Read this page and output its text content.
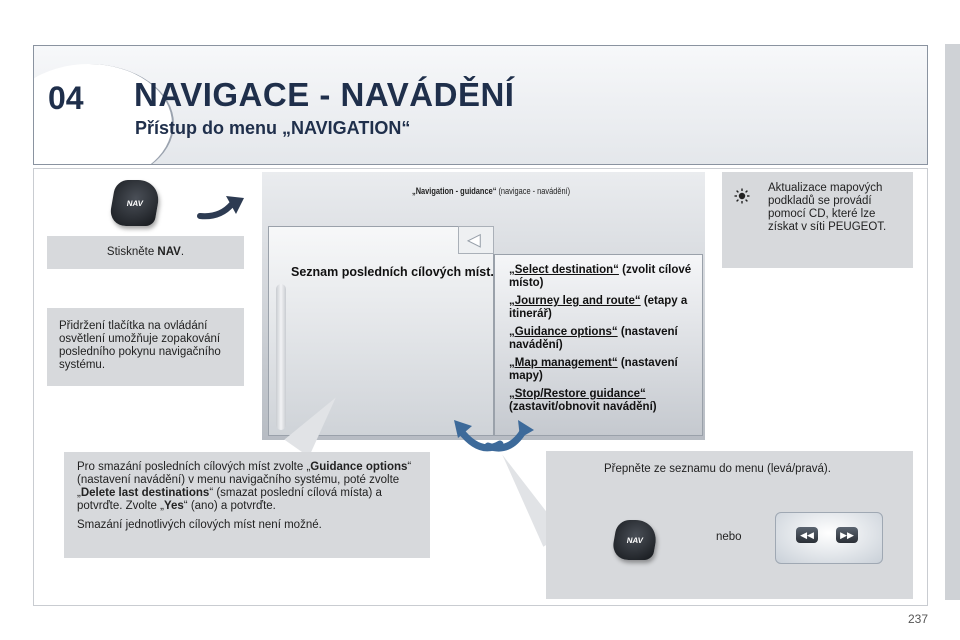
04 NAVIGACE - NAVÁDĚNÍ
Přístup do menu „NAVIGATION“
NAV
Stiskněte NAV.
Přidržení tlačítka na ovládání osvětlení umožňuje zopakování posledního pokynu navigačního systému.
Aktualizace mapových podkladů se provádí pomocí CD, které lze získat v síti PEUGEOT.
„Navigation - guidance“ (navigace - navádění)
◀
Seznam posledních cílových míst. „Select destination“ (zvolit cílové místo)
„Journey leg and route“ (etapy a itinerář)
„Guidance options“ (nastavení navádění)
„Map management“ (nastavení mapy)
„Stop/Restore guidance“ (zastavit/obnovit navádění)
Pro smazání posledních cílových míst zvolte „Guidance options“ (nastavení navádění) v menu navigačního systému, poté zvolte „Delete last destinations“ (smazat poslední cílová místa) a potvrďte. Zvolte „Yes“ (ano) a potvrďte.
Smazání jednotlivých cílových míst není možné.
Přepněte ze seznamu do menu (levá/pravá).
nebo
NAV
◀◀	▶▶
237
